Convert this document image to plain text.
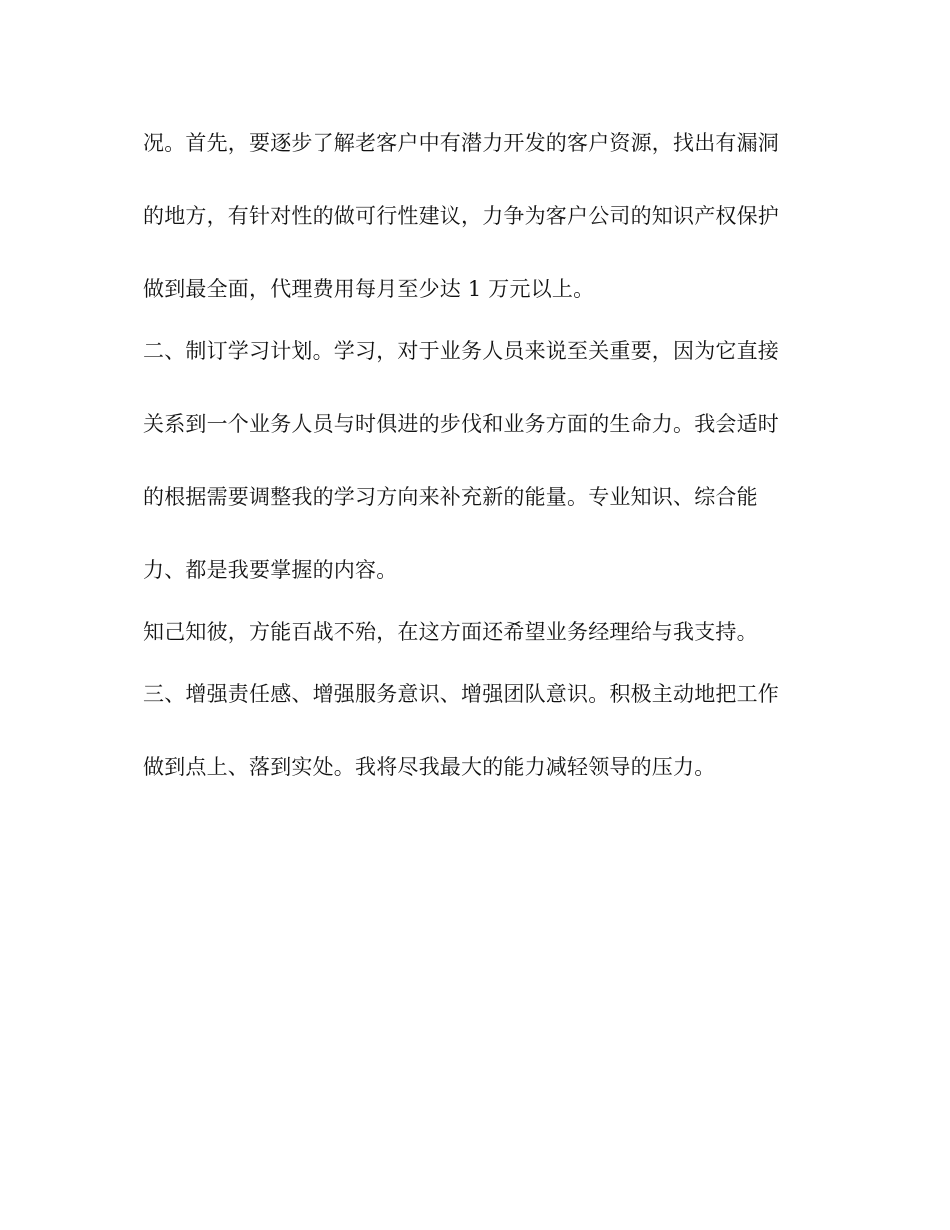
况。首先，要逐步了解老客户中有潜力开发的客户资源，找出有漏洞
的地方，有针对性的做可行性建议，力争为客户公司的知识产权保护
做到最全面，代理费用每月至少达 1 万元以上。
二、制订学习计划。学习，对于业务人员来说至关重要，因为它直接
关系到一个业务人员与时俱进的步伐和业务方面的生命力。我会适时
的根据需要调整我的学习方向来补充新的能量。专业知识、综合能
力、都是我要掌握的内容。
知己知彼，方能百战不殆，在这方面还希望业务经理给与我支持。
三、增强责任感、增强服务意识、增强团队意识。积极主动地把工作
做到点上、落到实处。我将尽我最大的能力减轻领导的压力。
